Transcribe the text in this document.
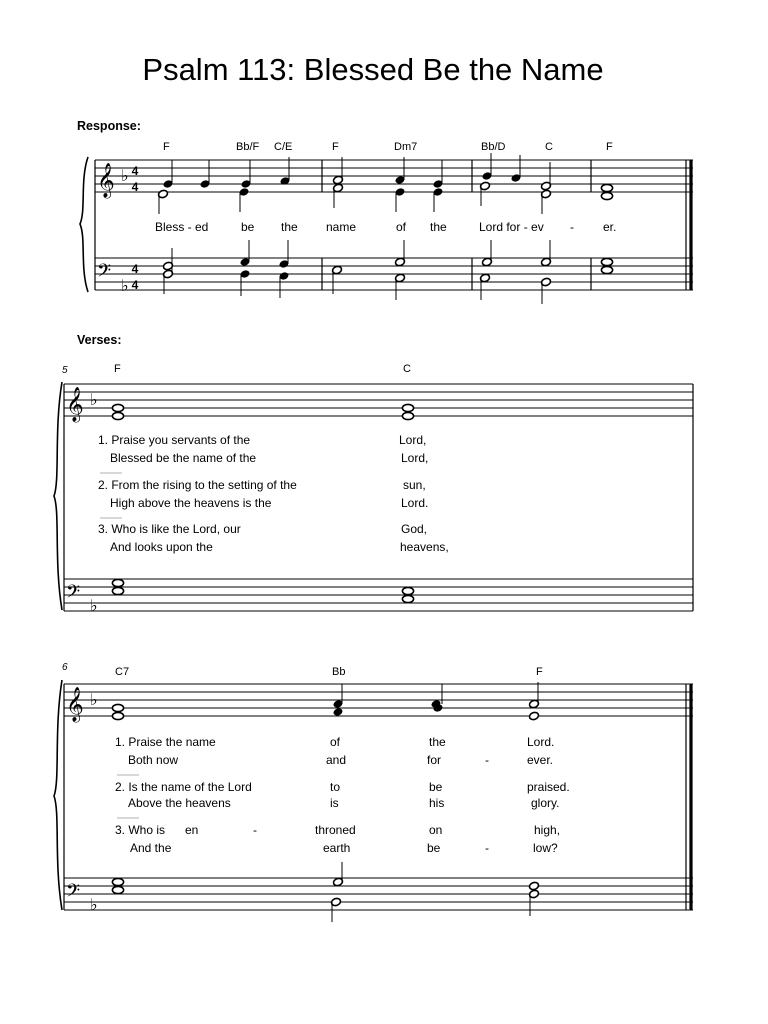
Psalm 113: Blessed Be the Name
Response:
F	Bb/F C/E	F	Dm7	Bb/D	C	F
𝄞 ♭ 4
4
𝄢
♭
4
4
Bless - ed	be the name	of the	Lord for - ev - er.
Verses:
5	F	C
𝄞 ♭
𝄢
♭
1. Praise you servants of the	Lord,
Blessed be the name of the	Lord,
2. From the rising to the setting of the	sun,
High above the heavens is the	Lord.
3. Who is like the Lord, our	God,
And looks upon the	heavens,
6	C7	Bb	F
𝄞 ♭
𝄢
♭
1. Praise the name	of	the	Lord.
Both now	and	for	-	ever.
2. Is the name of the Lord	to	be	praised.
Above the heavens	is	his	glory.
3. Who is en	-	throned	on	high,
And the	earth	be	-	low?
